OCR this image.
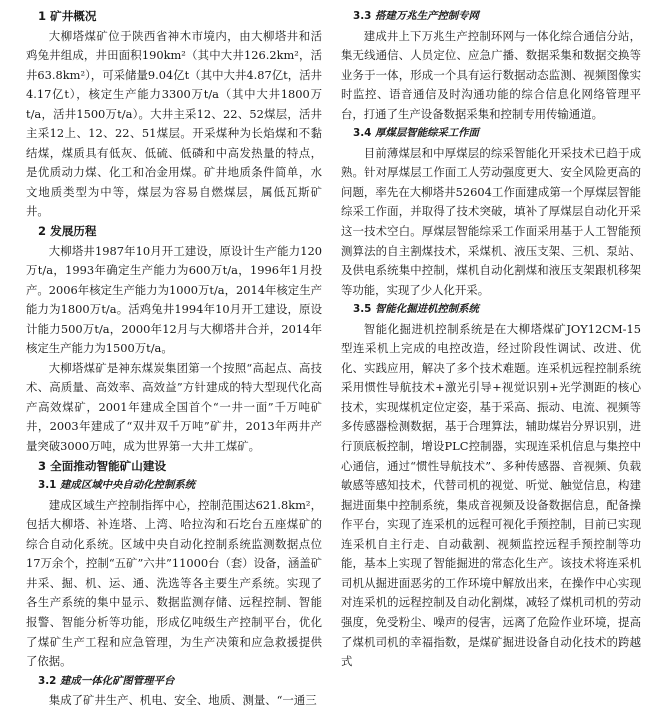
1 矿井概况

大柳塔煤矿位于陕西省神木市境内，由大柳塔井和活鸡兔井组成，井田面积190km²（其中大井126.2km²，活井63.8km²），可采储量9.04亿t（其中大井4.87亿t，活井4.17亿t），核定生产能力3300万t/a（其中大井1800万t/a，活井1500万t/a）。大井主采12、22、52煤层，活井主采12上、12、22、51煤层。开采煤种为长焰煤和不黏结煤，煤质具有低灰、低硫、低磷和中高发热量的特点，是优质动力煤、化工和冶金用煤。矿井地质条件简单，水文地质类型为中等，煤层为容易自燃煤层，属低瓦斯矿井。

2 发展历程

大柳塔井1987年10月开工建设，原设计生产能力120万t/a，1993年确定生产能力为600万t/a，1996年1月投产。2006年核定生产能力为1000万t/a，2014年核定生产能力为1800万t/a。活鸡兔井1994年10月开工建设，原设计能力500万t/a，2000年12月与大柳塔井合并，2014年核定生产能力为1500万t/a。

大柳塔煤矿是神东煤炭集团第一个按照“高起点、高技术、高质量、高效率、高效益”方针建成的特大型现代化高产高效煤矿，2001年建成全国首个“一井一面”千万吨矿井，2003年建成了“双井双千万吨”矿井，2013年两井产量突破3000万吨，成为世界第一大井工煤矿。

3 全面推动智能矿山建设
3.1 建成区域中央自动化控制系统

建成区域生产控制指挥中心，控制范围达621.8km²，包括大柳塔、补连塔、上湾、哈拉沟和石圪台五座煤矿的综合自动化系统。区域中央自动化控制系统监测数据点位17万余个，控制“五矿”六井”11000台（套）设备，涵盖矿井采、掘、机、运、通、洗选等各主要生产系统。实现了各生产系统的集中显示、数据监测存储、远程控制、智能报警、智能分析等功能，形成亿吨级生产控制平台，优化了煤矿生产工程和应急管理，为生产决策和应急救援提供了依据。

3.2 建成一体化矿图管理平台

集成了矿井生产、机电、安全、地质、测量、“一通三

3.3 搭建万兆生产控制专网

建成井上下万兆生产控制环网与一体化综合通信分站，集无线通信、人员定位、应急广播、数据采集和数据交换等业务于一体，形成一个具有运行数据动态监测、视频图像实时监控、语音通信及时沟通功能的综合信息化网络管理平台，打通了生产设备数据采集和控制专用传输通道。

3.4 厚煤层智能综采工作面

目前薄煤层和中厚煤层的综采智能化开采技术已趋于成熟。针对厚煤层工作面工人劳动强度更大、安全风险更高的问题，率先在大柳塔井52604工作面建成第一个厚煤层智能综采工作面，并取得了技术突破，填补了厚煤层自动化开采这一技术空白。厚煤层智能综采工作面采用基于人工智能预测算法的自主割煤技术，采煤机、液压支架、三机、泵站、及供电系统集中控制，煤机自动化割煤和液压支架跟机移架等功能，实现了少人化开采。

3.5 智能化掘进机控制系统

智能化掘进机控制系统是在大柳塔煤矿JOY12CM-15型连采机上完成的电控改造，经过阶段性调试、改进、优化、实践应用，解决了多个技术难题。连采机远程控制系统采用惯性导航技术+激光引导+视觉识别+光学测距的核心技术，实现煤机定位定姿，基于采高、振动、电流、视频等多传感器检测数据，基于合理算法，辅助煤岩分界识别，进行顶底板控制，增设PLC控制器，实现连采机信息与集控中心通信，通过“惯性导航技术”、多种传感器、音视频、负载敏感等感知技术，代替司机的视觉、听觉、触觉信息，构建掘进面集中控制系统，集成音视频及设备数据信息，配备操作平台，实现了连采机的远程可视化手预控制，目前已实现连采机自主行走、自动截割、视频监控远程手预控制等功能，基本上实现了智能掘进的常态化生产。该技术将连采机司机从掘进面恶劣的工作环境中解放出来，在操作中心实现对连采机的远程控制及自动化割煤，减轻了煤机司机的劳动强度，免受粉尘、噪声的侵害，远离了危险作业环境，提高了煤机司机的幸福指数，是煤矿掘进设备自动化技术的跨越式
